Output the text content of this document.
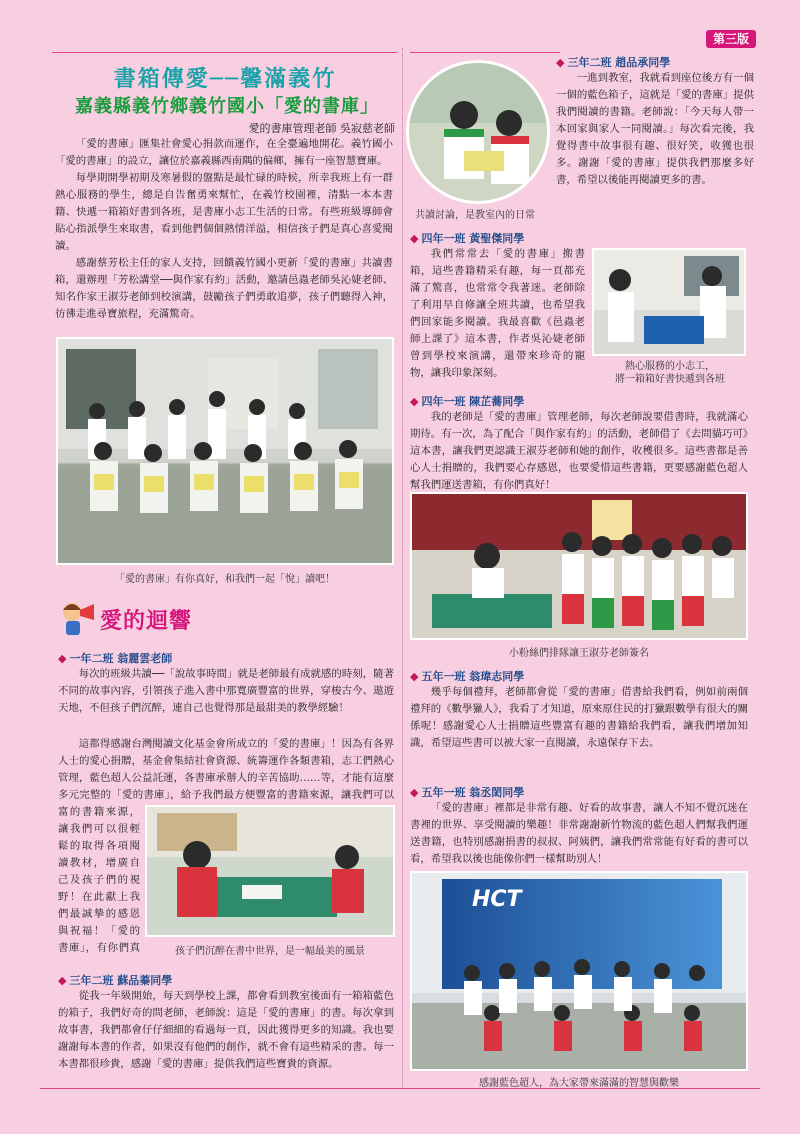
第三版
書箱傳愛──馨滿義竹
嘉義縣義竹鄉義竹國小「愛的書庫」
愛的書庫管理老師 吳寂慈老師

「愛的書庫」匯集社會愛心捐款而運作，在全臺遍地開花。義竹國小「愛的書庫」的設立，讓位於嘉義縣西南隅的偏鄉，擁有一座智慧寶庫。

每學期開學初期及寒暑假的盤點是最忙碌的時候，所幸我班上有一群熱心服務的學生，總是自告奮勇來幫忙，在義竹校園裡，清點一本本書籍、快遞一箱箱好書到各班，是書庫小志工生活的日常。有些班級導師會貼心指派學生來取書，看到他們個個熱情洋溢，相信孩子們是真心喜愛閱讀。

感謝蔡芳松主任的家人支持，回饋義竹國小更新「愛的書庫」共讀書箱，還辦理「芳松講堂──與作家有約」活動，邀請邑蟲老師吳沁婕老師、知名作家王淑芬老師到校演講，鼓勵孩子們勇敢追夢，孩子們聽得入神，彷彿走進尋寶旅程，充滿驚奇。

「愛的書庫」有你真好，和我們一起「悅」讀吧！
愛的迴響
◆ 一年二班 翁麗雲老師

每次的班級共讀──「說故事時間」就是老師最有成就感的時刻，隨著不同的故事內容，引領孩子進入書中那寬廣豐富的世界，穿梭古今、遨遊天地，不但孩子們沉醉，連自己也覺得那是最甜美的教學經驗！

這都得感謝台灣閱讀文化基金會所成立的「愛的書庫」！因為有各界人士的愛心捐贈，基金會集結社會資源、統籌運作各類書箱，志工們熱心管理，藍色超人公益託運，各書庫承辦人的辛苦協助……等，才能有這麼多元完整的「愛的書庫」，給予我們最方便豐富的書籍來源，讓我們可以

富的書籍來源，讓我們可以很輕鬆的取得各項閱讀教材，增廣自己及孩子們的視野！在此獻上我們最誠摯的感恩與祝福！「愛的書庫」，有你們真	孩子們沉醉在書中世界，是一幅最美的風景
◆ 三年二班 蘇品蓁同學

從我一年級開始，每天到學校上課，都會看到教室後面有一箱箱藍色的箱子，我們好奇的問老師，老師說：這是「愛的書庫」的書。每次拿到故事書，我們都會仔仔細細的看過每一頁，因此獲得更多的知識。我也要謝謝每本書的作者，如果沒有他們的創作，就不會有這些精采的書。每一本書都很珍貴，感謝「愛的書庫」提供我們這些寶貴的資源。

共讀討論，是教室內的日常
◆ 三年二班 趙品承同學

一進到教室，我就看到座位後方有一個一個的藍色箱子，這就是「愛的書庫」提供我們閱讀的書籍。老師說：「今天每人帶一本回家與家人一同閱讀。」每次看完後，我覺得書中故事很有趣、很好笑，收獲也很多。謝謝「愛的書庫」提供我們那麼多好書，希望以後能再閱讀更多的書。

◆ 四年一班 黃聖傑同學

我們常常去「愛的書庫」搬書箱，這些書籍精采有趣，每一頁都充滿了驚喜，也常常令我著迷。老師除了利用早自修讓全班共讀，也希望我們回家能多閱讀。我最喜歡《邑蟲老師上課了》這本書，作者吳沁婕老師曾到學校來演講，還帶來珍奇的寵物，讓我印象深刻。

熱心服務的小志工，
將一箱箱好書快遞到各班
◆ 四年一班 陳芷蕎同學

我的老師是「愛的書庫」管理老師，每次老師說要借書時，我就滿心期待。有一次，為了配合「與作家有約」的活動，老師借了《去問貓巧可》這本書，讓我們更認識王淑芬老師和她的創作，收穫很多。這些書都是善心人士捐贈的，我們要心存感恩，也要愛惜這些書籍，更要感謝藍色超人幫我們運送書箱，有你們真好！

小粉絲們排隊讓王淑芬老師簽名
◆ 五年一班 翁瑋志同學

幾乎每個禮拜，老師都會從「愛的書庫」借書給我們看，例如前兩個禮拜的《數學獵人》，我看了才知道，原來原住民的打獵跟數學有很大的關係呢！感謝愛心人士捐贈這些豐富有趣的書籍給我們看，讓我們增加知識，希望這些書可以被大家一直閱讀，永遠保存下去。

◆ 五年一班 翁丞閎同學

「愛的書庫」裡都是非常有趣、好看的故事書，讓人不知不覺沉迷在書裡的世界、享受閱讀的樂趣！非常謝謝新竹物流的藍色超人們幫我們運送書籍，也特別感謝捐書的叔叔、阿姨們，讓我們常常能有好看的書可以看，希望我以後也能像你們一樣幫助別人！

HCT
感謝藍色超人，為大家帶來滿滿的智慧與歡樂
